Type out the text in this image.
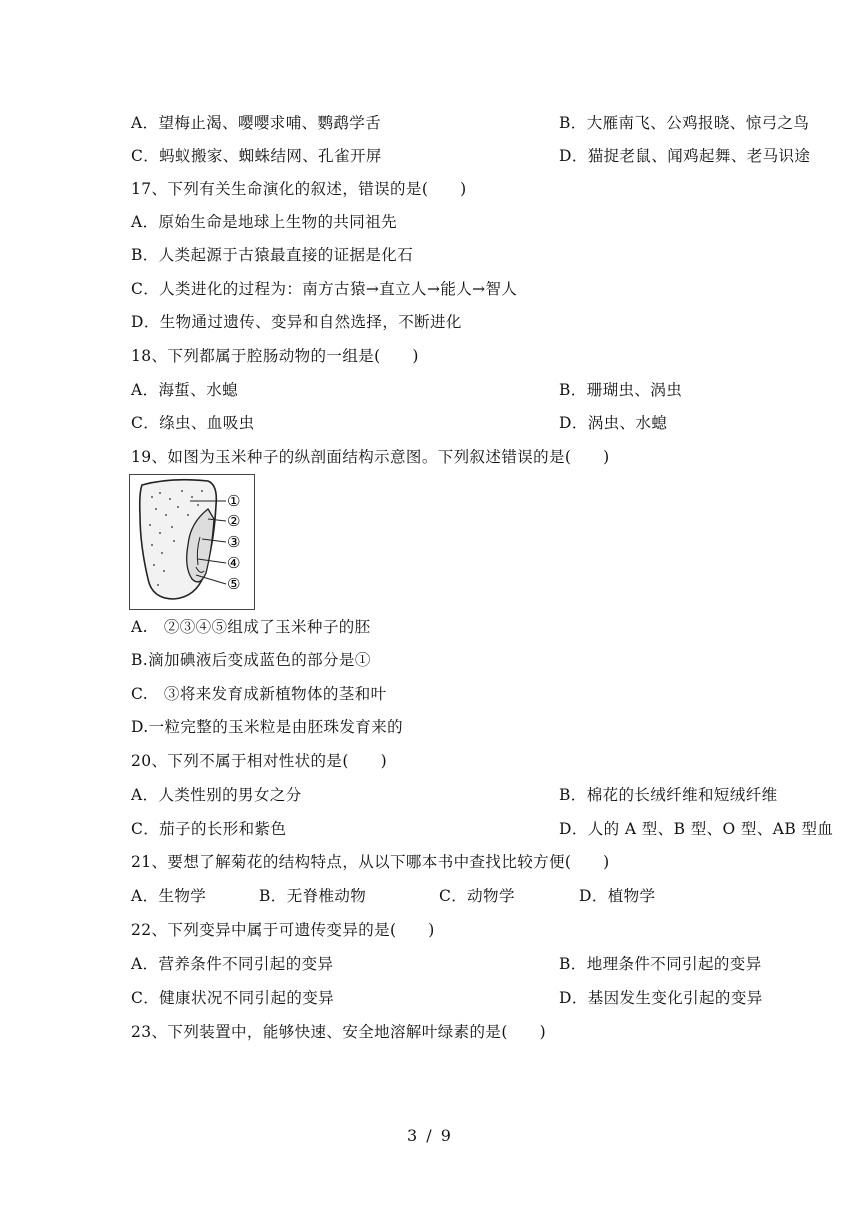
A．望梅止渴、嘤嘤求哺、鹦鹉学舌	B．大雁南飞、公鸡报晓、惊弓之鸟
C．蚂蚁搬家、蜘蛛结网、孔雀开屏	D．猫捉老鼠、闻鸡起舞、老马识途
17、下列有关生命演化的叙述，错误的是(　　)
A．原始生命是地球上生物的共同祖先
B．人类起源于古猿最直接的证据是化石
C．人类进化的过程为：南方古猿→直立人→能人→智人
D．生物通过遗传、变异和自然选择，不断进化
18、下列都属于腔肠动物的一组是(　　)
A．海蜇、水螅	B．珊瑚虫、涡虫
C．绦虫、血吸虫	D．涡虫、水螅
19、如图为玉米种子的纵剖面结构示意图。下列叙述错误的是(　　)
①
②
③
④
⑤
A.　②③④⑤组成了玉米种子的胚
B.滴加碘液后变成蓝色的部分是①
C.　③将来发育成新植物体的茎和叶
D.一粒完整的玉米粒是由胚珠发育来的
20、下列不属于相对性状的是(　　)
A．人类性别的男女之分	B．棉花的长绒纤维和短绒纤维
C．茄子的长形和紫色	D．人的 A 型、B 型、O 型、AB 型血
21、要想了解菊花的结构特点，从以下哪本书中查找比较方便(　　)
A．生物学	B．无脊椎动物	C．动物学	D．植物学
22、下列变异中属于可遗传变异的是(　　)
A．营养条件不同引起的变异	B．地理条件不同引起的变异
C．健康状况不同引起的变异	D．基因发生变化引起的变异
23、下列装置中，能够快速、安全地溶解叶绿素的是(　　)
3 / 9
